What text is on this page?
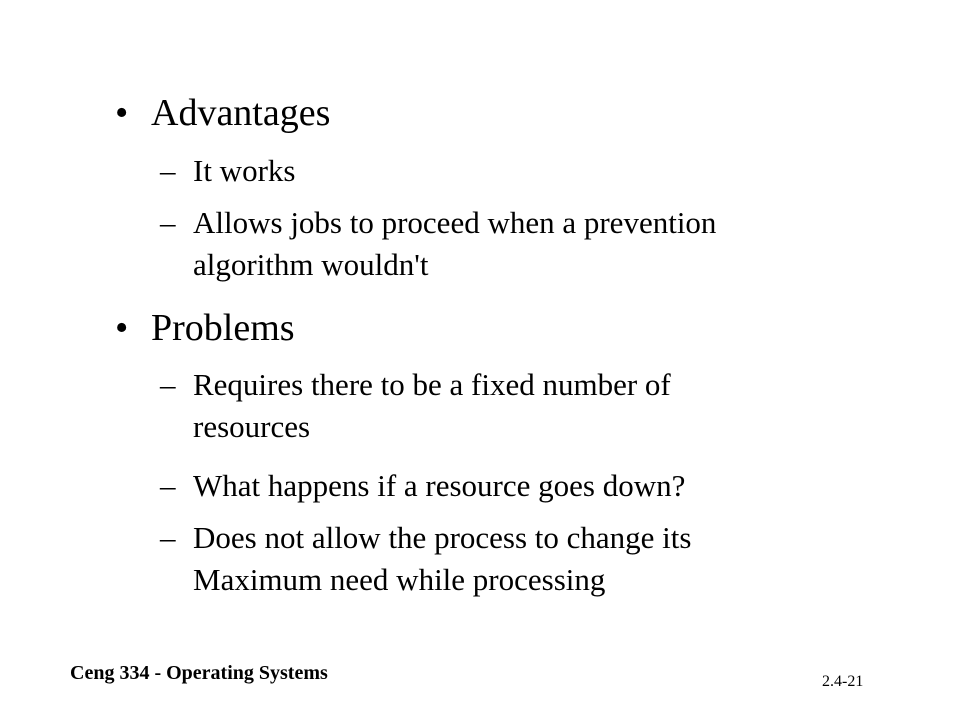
• Advantages
– It works
– Allows jobs to proceed when a prevention algorithm wouldn't
• Problems
– Requires there to be a fixed number of resources
– What happens if a resource goes down?
– Does not allow the process to change its Maximum need while processing
Ceng 334 - Operating Systems	2.4-21
